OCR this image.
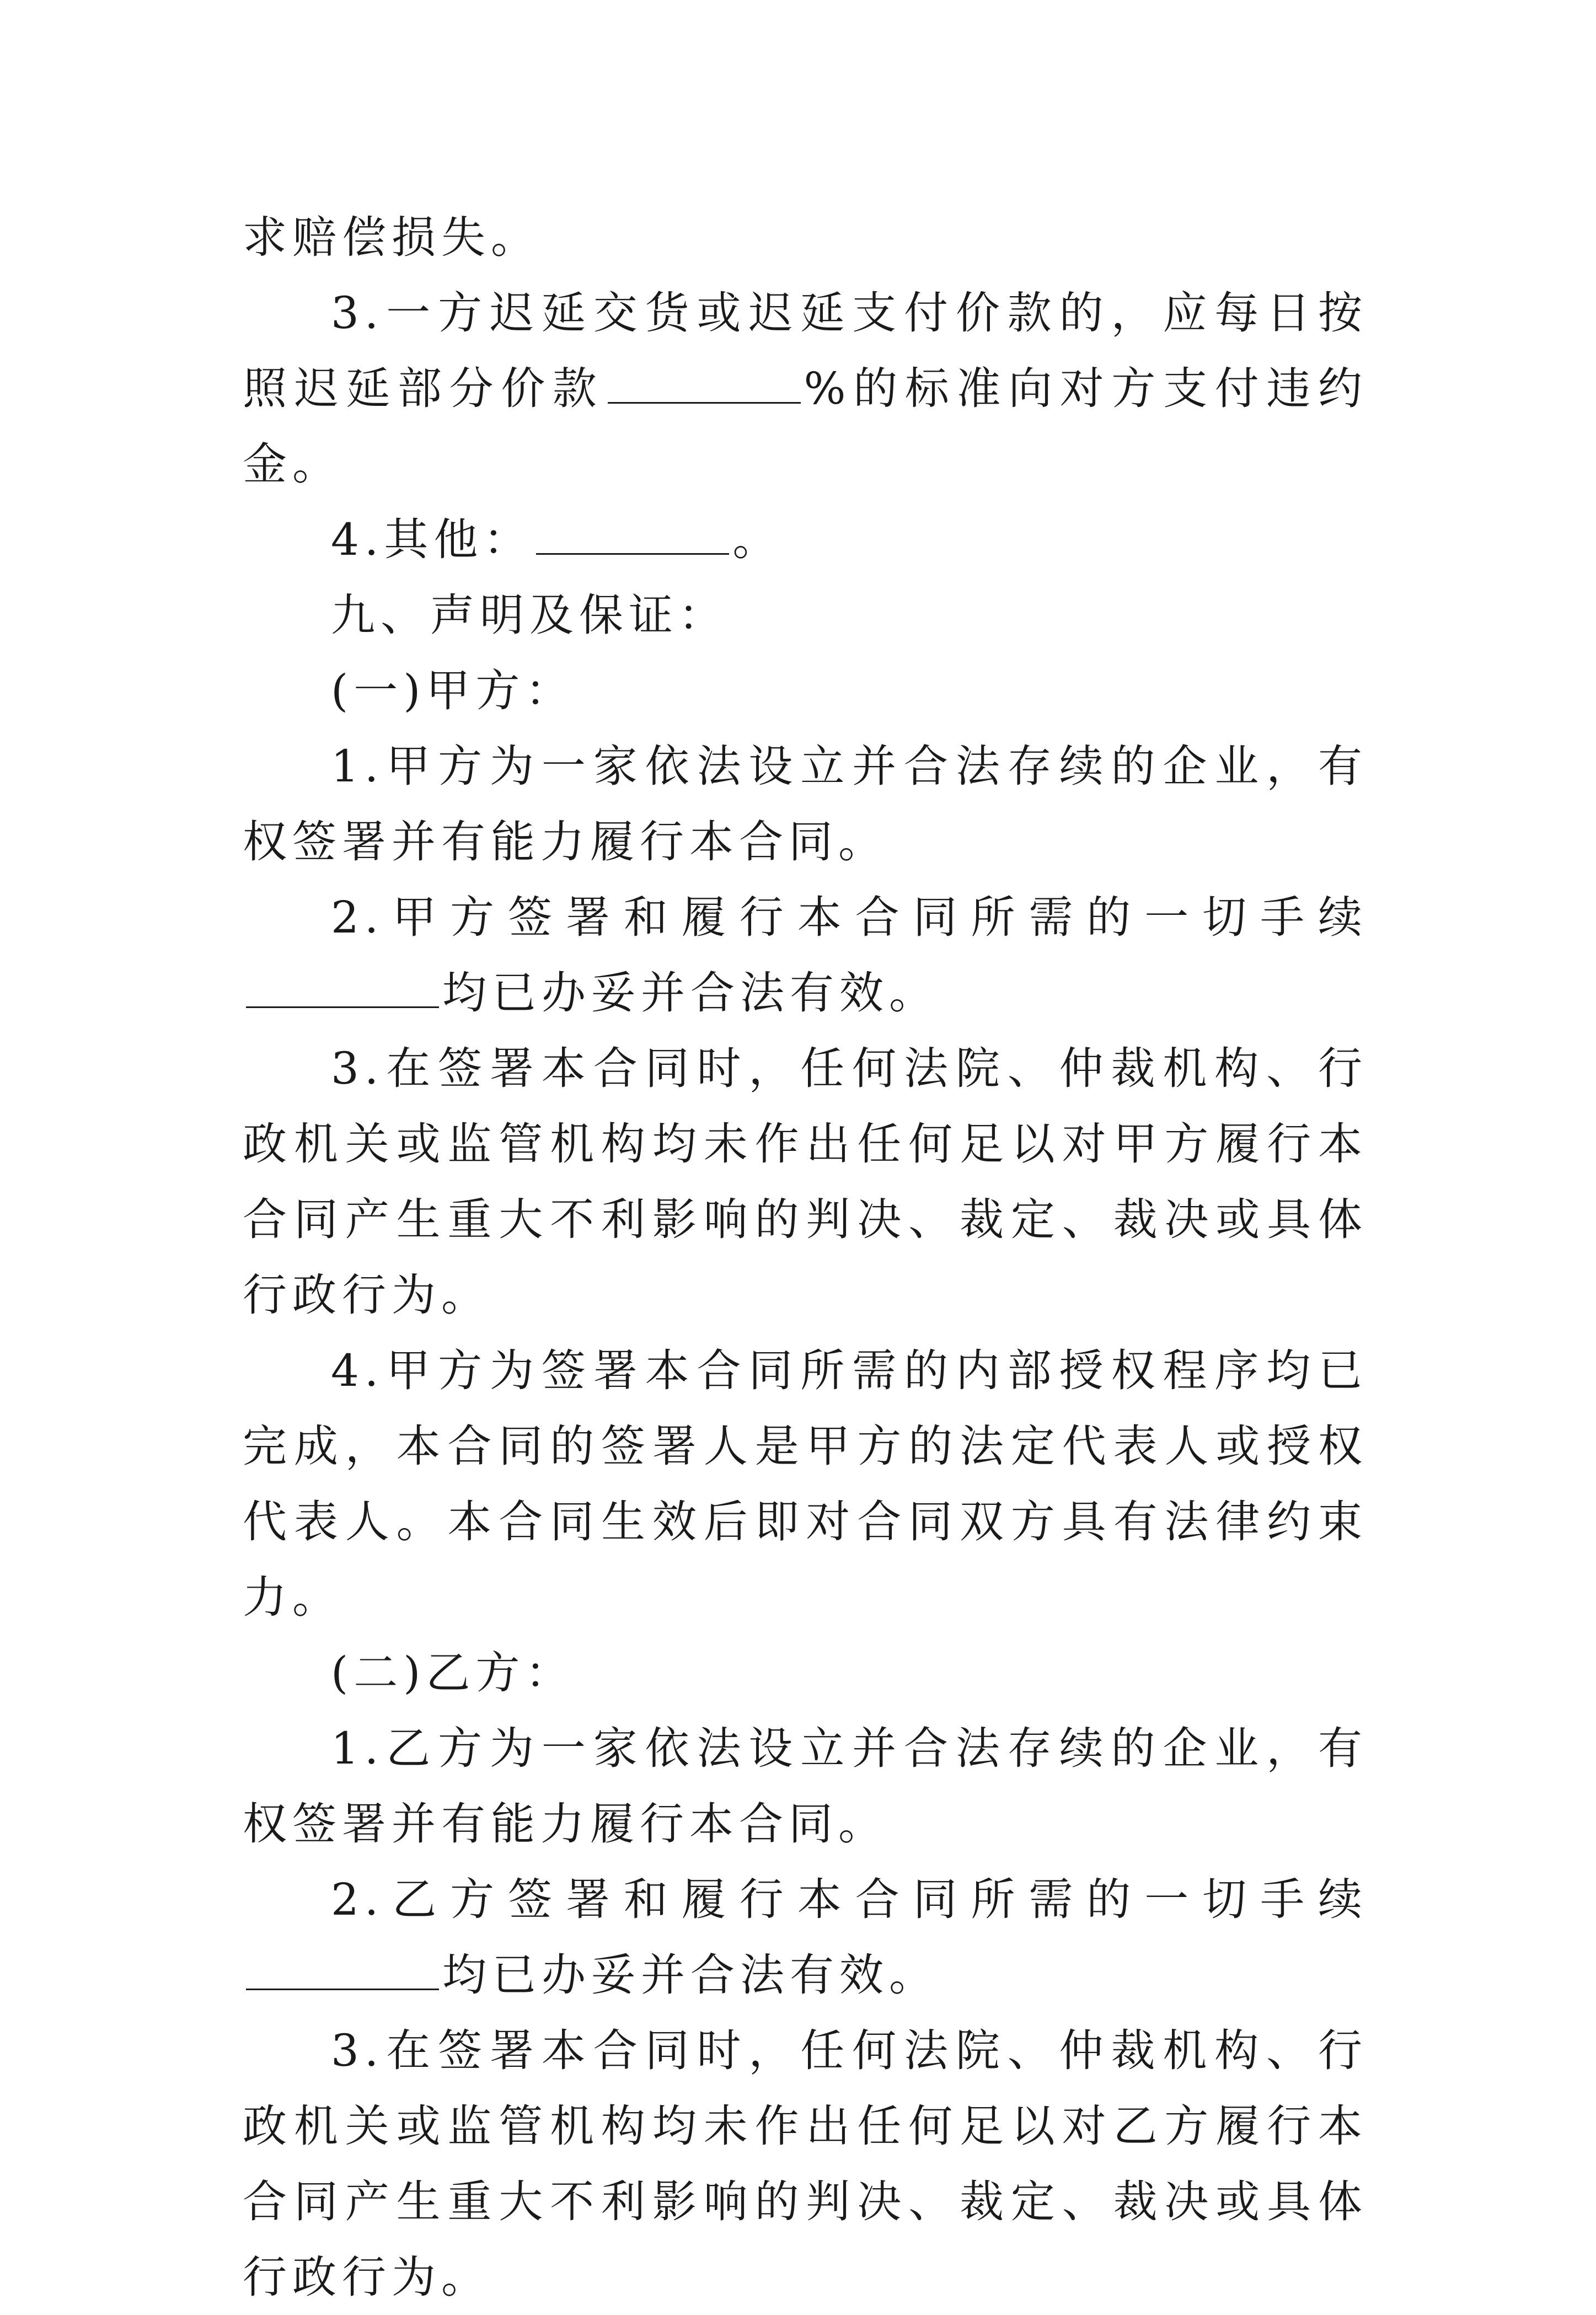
求赔偿损失。

3.一方迟延交货或迟延支付价款的，应每日按照迟延部分价款	%的标准向对方支付违约金。

4.其他：	。

九、声明及保证：

(一)甲方：

1.甲方为一家依法设立并合法存续的企业，有权签署并有能力履行本合同。

2.甲方签署和履行本合同所需的一切手续均已办妥并合法有效。

3.在签署本合同时，任何法院、仲裁机构、行政机关或监管机构均未作出任何足以对甲方履行本合同产生重大不利影响的判决、裁定、裁决或具体行政行为。

4.甲方为签署本合同所需的内部授权程序均已完成，本合同的签署人是甲方的法定代表人或授权代表人。本合同生效后即对合同双方具有法律约束力。

(二)乙方：

1.乙方为一家依法设立并合法存续的企业，有权签署并有能力履行本合同。

2.乙方签署和履行本合同所需的一切手续均已办妥并合法有效。

3.在签署本合同时，任何法院、仲裁机构、行政机关或监管机构均未作出任何足以对乙方履行本合同产生重大不利影响的判决、裁定、裁决或具体行政行为。
